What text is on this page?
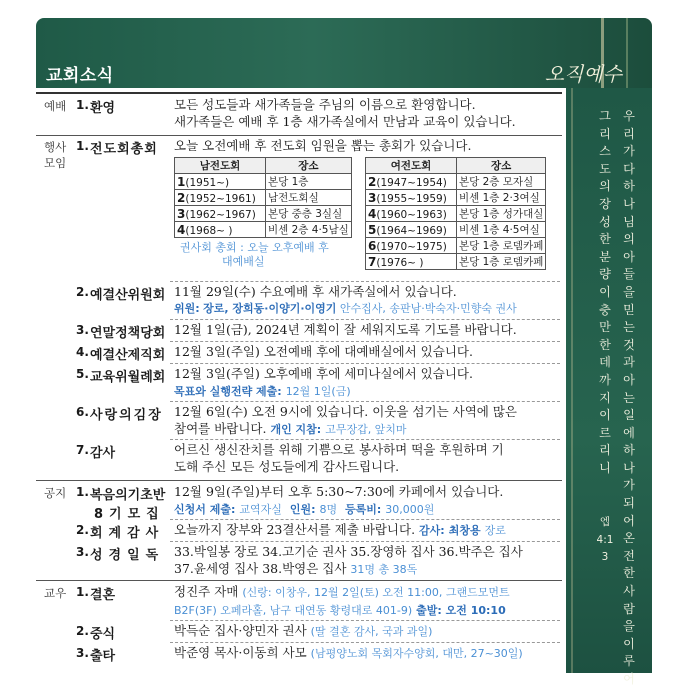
교회소식	오직예수
우리가다하나님의아들을믿는것과아는일에하나가되어온전한사람을이루어
그리스도의장성한분량이충만한데까지이르리니
엡4:13
예배 1. 환영	모든 성도들과 새가족들을 주님의 이름으로 환영합니다.
새가족들은 예배 후 1층 새가족실에서 만남과 교육이 있습니다.
행사
모임
1. 전도회총회	오늘 오전예배 후 전도회 임원을 뽑는 총회가 있습니다.
남전도회	장소
1(1951~)	본당 1층
2(1952~1961)	남전도회실
3(1962~1967)	본당 중층 3실실
4(1968~ )	비센 2층 4·5남실
권사회 총회 : 오늘 오후예배 후
대예배실
여전도회	장소
2(1947~1954)	본당 2층 모자실
3(1955~1959)	비센 1층 2·3여실
4(1960~1963)	본당 1층 성가대실
5(1964~1969)	비센 1층 4·5여실
6(1970~1975)	본당 1층 로뎀카페
7(1976~ )	본당 1층 로뎀카페
2. 예결산위원회 11월 29일(수) 수요예배 후 새가족실에서 있습니다.
위원: 장로, 장희동·이양기·이영기 안수집사, 송판남·박숙자·민향숙 권사
3. 연말정책당회 12월 1일(금), 2024년 계획이 잘 세워지도록 기도를 바랍니다.
4. 예결산제직회 12월 3일(주일) 오전예배 후에 대예배실에서 있습니다.
5. 교육위월례회 12월 3일(주일) 오후예배 후에 세미나실에서 있습니다.
목표와 실행전략 제출: 12월 1일(금)
6. 사랑의김장 12월 6일(수) 오전 9시에 있습니다. 이웃을 섬기는 사역에 많은
참여를 바랍니다. 개인 지참: 고무장갑, 앞치마
7. 감사	어르신 생신잔치를 위해 기쁨으로 봉사하며 떡을 후원하며 기
도해 주신 모든 성도들에게 감사드립니다.
공지 1. 복음의기초반
8기모집
12월 9일(주일)부터 오후 5:30~7:30에 카페에서 있습니다.
신청서 제출: 교역자실 인원: 8명 등록비: 30,000원
2. 회계감사 오늘까지 장부와 23결산서를 제출 바랍니다. 감사: 최창용 장로
3. 성경일독 33.박일봉 장로 34.고기순 권사 35.장영하 집사 36.박주은 집사
37.윤세영 집사 38.박영은 집사 31명 총 38독
교우 1. 결혼	정진주 자매 (신랑: 이창우, 12월 2일(토) 오전 11:00, 그랜드모먼트
B2F(3F) 오페라홀, 남구 대연동 황령대로 401-9) 출발: 오전 10:10
2. 중식	박득순 집사·양민자 권사 (딸 결혼 감사, 국과 과일)
3. 출타	박준영 목사·이동희 사모 (남평양노회 목회자수양회, 대만, 27~30일)
